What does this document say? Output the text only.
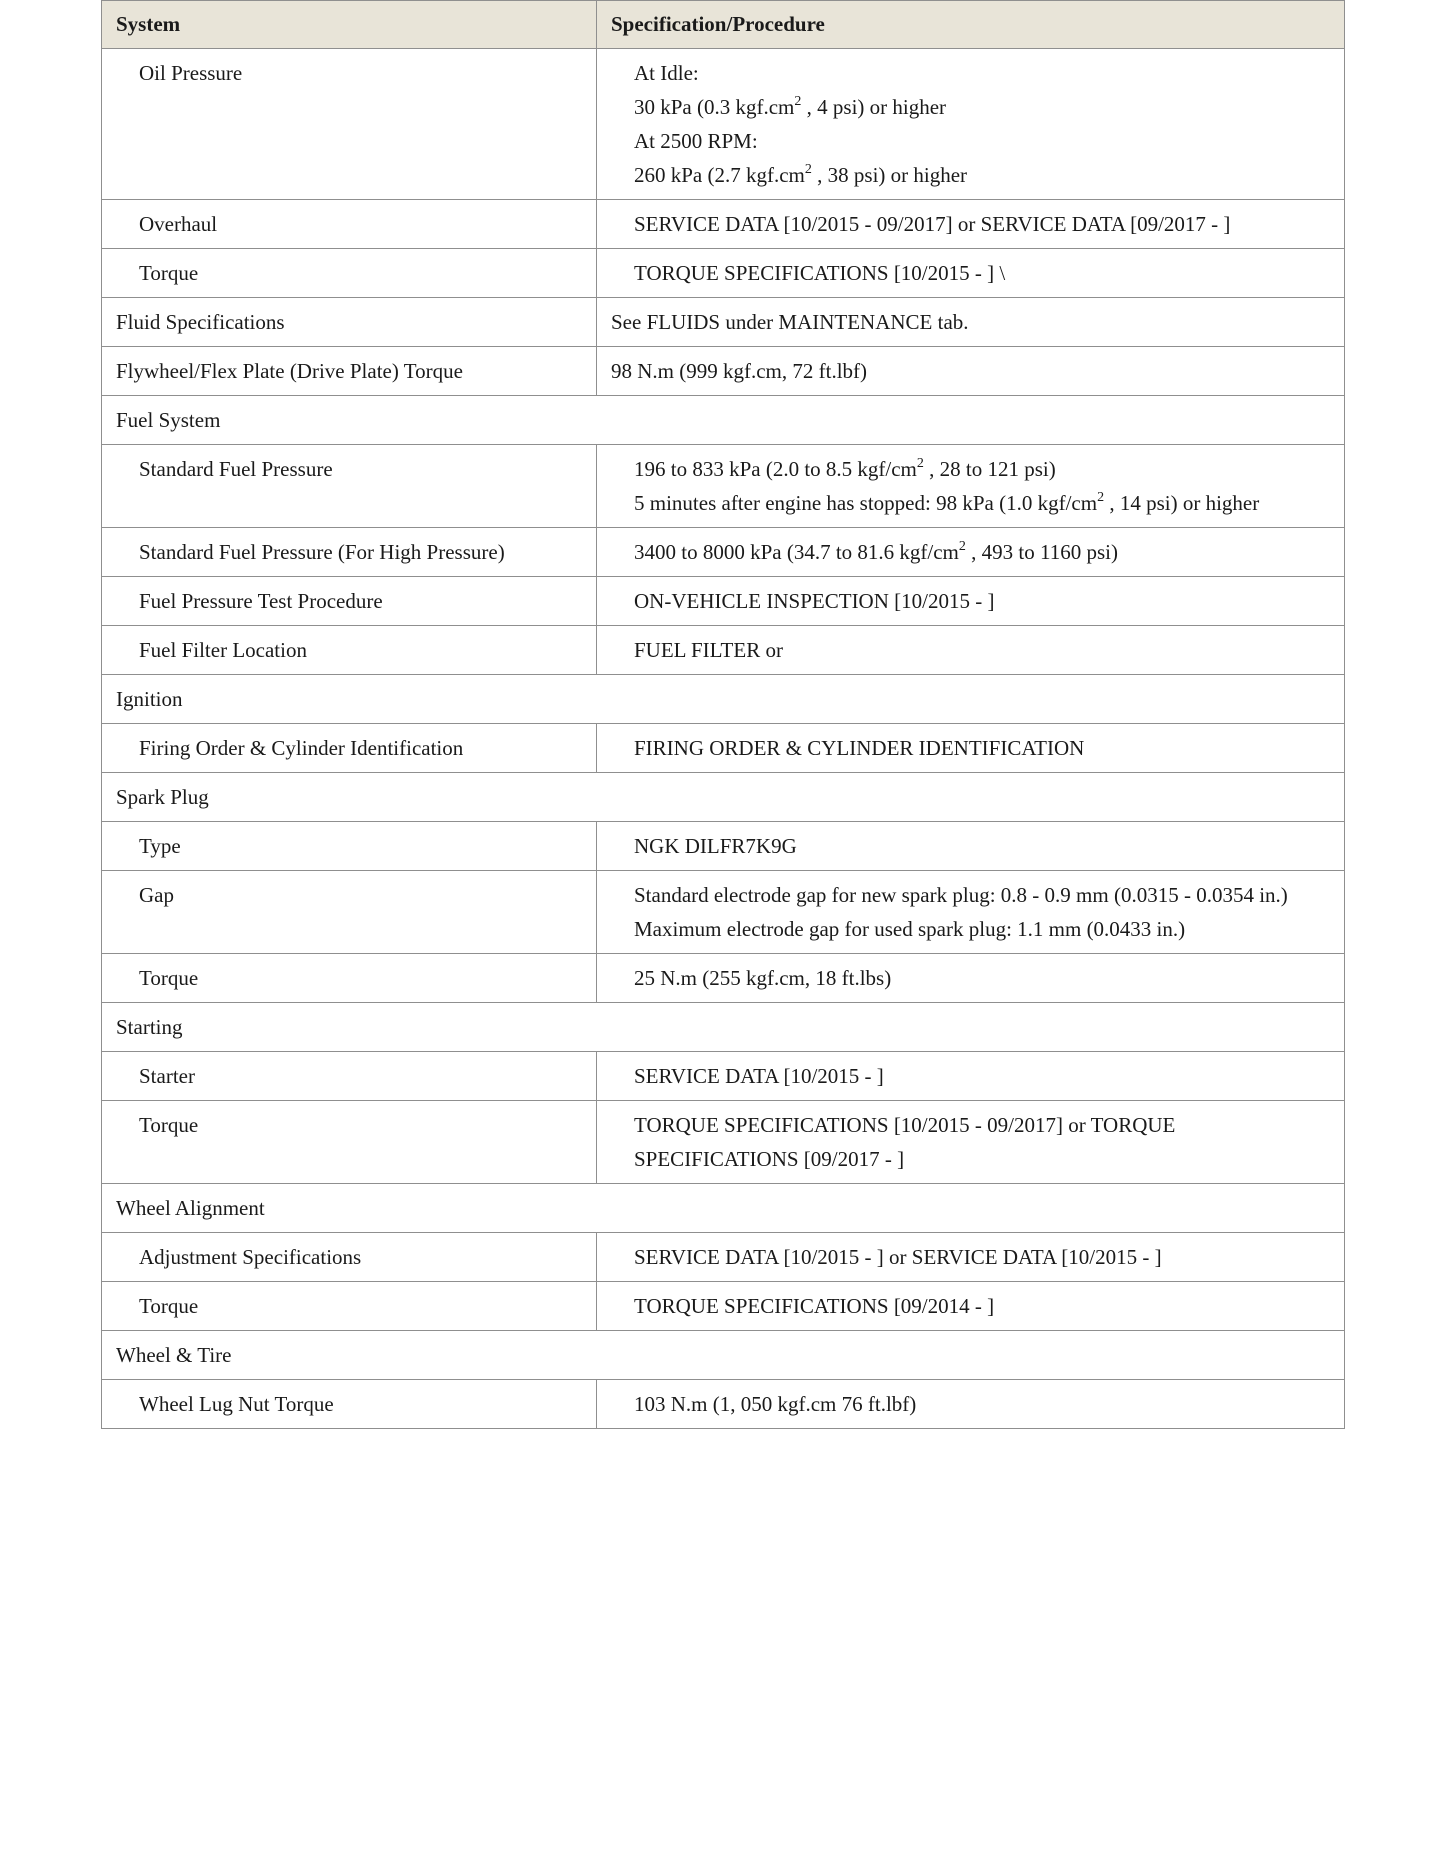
System	Specification/Procedure
Oil Pressure	At Idle:
30 kPa (0.3 $kgf.cm^2$ , 4 psi) or higher
At 2500 RPM:
260 kPa (2.7 $kgf.cm^2$ , 38 psi) or higher

Overhaul	SERVICE DATA [10/2015 - 09/2017] or SERVICE DATA [09/2017 - ]

Torque	TORQUE SPECIFICATIONS [10/2015 - ] \

Fluid Specifications	See FLUIDS under MAINTENANCE tab.

Flywheel/Flex Plate (Drive Plate) Torque	98 N.m (999 kgf.cm, 72 ft.lbf)

Fuel System	
Standard Fuel Pressure	196 to 833 kPa (2.0 to 8.5 kgf/$cm^2$ , 28 to 121 psi)
5 minutes after engine has stopped: 98 kPa (1.0 kgf/$cm^2$ , 14 psi) or higher

Standard Fuel Pressure (For High Pressure)	3400 to 8000 kPa (34.7 to 81.6 kgf/$cm^2$ , 493 to 1160 psi)

Fuel Pressure Test Procedure	ON-VEHICLE INSPECTION [10/2015 - ]

Fuel Filter Location	FUEL FILTER or

Ignition	
Firing Order & Cylinder Identification	FIRING ORDER & CYLINDER IDENTIFICATION

Spark Plug	
Type	NGK DILFR7K9G

Gap	Standard electrode gap for new spark plug: 0.8 - 0.9 mm (0.0315 - 0.0354 in.)
Maximum electrode gap for used spark plug: 1.1 mm (0.0433 in.)

Torque	25 N.m (255 kgf.cm, 18 ft.lbs)

Starting	
Starter	SERVICE DATA [10/2015 - ]

Torque	TORQUE SPECIFICATIONS [10/2015 - 09/2017] or TORQUE SPECIFICATIONS [09/2017 - ]

Wheel Alignment	
Adjustment Specifications	SERVICE DATA [10/2015 - ] or SERVICE DATA [10/2015 - ]

Torque	TORQUE SPECIFICATIONS [09/2014 - ]

Wheel & Tire	
Wheel Lug Nut Torque	103 N.m (1, 050 kgf.cm 76 ft.lbf)
